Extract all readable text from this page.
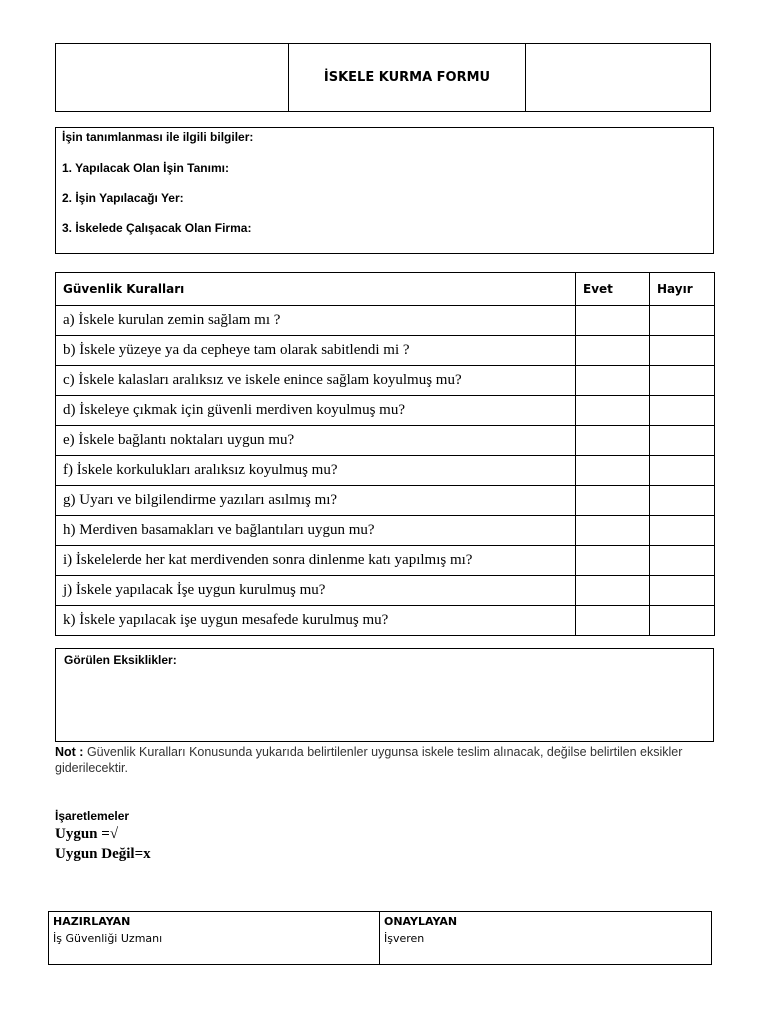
	İSKELE KURMA FORMU	
İşin tanımlanması ile ilgili bilgiler:
1. Yapılacak Olan İşin Tanımı:
2. İşin Yapılacağı Yer:
3. İskelede Çalışacak Olan Firma:
Güvenlik Kuralları	Evet	Hayır
a) İskele kurulan zemin sağlam mı ?		
b) İskele yüzeye ya da cepheye tam olarak sabitlendi mi ?		
c) İskele kalasları aralıksız ve iskele enince sağlam koyulmuş mu?		
d) İskeleye çıkmak için güvenli merdiven koyulmuş mu?		
e) İskele bağlantı noktaları uygun mu?		
f) İskele korkulukları aralıksız koyulmuş mu?		
g) Uyarı ve bilgilendirme yazıları asılmış mı?		
h) Merdiven basamakları ve bağlantıları uygun mu?		
i) İskelelerde her kat merdivenden sonra dinlenme katı yapılmış mı?		
j) İskele yapılacak İşe uygun kurulmuş mu?		
k) İskele yapılacak işe uygun mesafede kurulmuş mu?		
Görülen Eksiklikler:
Not : Güvenlik Kuralları Konusunda yukarıda belirtilenler uygunsa iskele teslim alınacak, değilse belirtilen eksikler giderilecektir.
İşaretlemeler
Uygun =√
Uygun Değil=x
HAZIRLAYAN
İş Güvenliği Uzmanı

ONAYLAYAN
İşveren
